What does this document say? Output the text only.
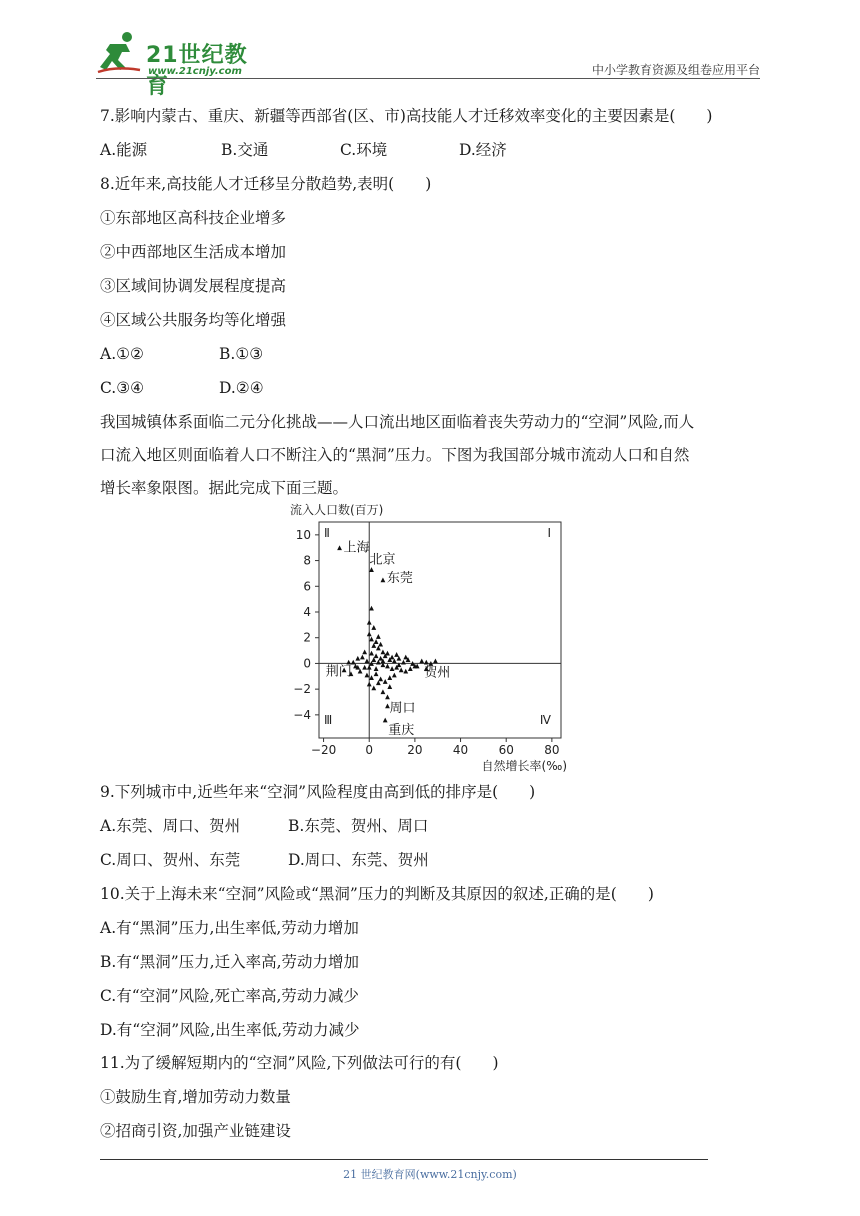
21世纪教育
www.21cnjy.com	中小学教育资源及组卷应用平台
7.影响内蒙古、重庆、新疆等西部省(区、市)高技能人才迁移效率变化的主要因素是(　　)
A.能源	B.交通	C.环境	D.经济
8.近年来,高技能人才迁移呈分散趋势,表明(　　)
①东部地区高科技企业增多
②中西部地区生活成本增加
③区域间协调发展程度提高
④区域公共服务均等化增强
A.①②	B.①③
C.③④	D.②④
我国城镇体系面临二元分化挑战——人口流出地区面临着丧失劳动力的“空洞”风险,而人
口流入地区则面临着人口不断注入的“黑洞”压力。下图为我国部分城市流动人口和自然
增长率象限图。据此完成下面三题。
−20 0	20	40	60	80
−4
−2
0
2
4
6
8
10
流入人口数(百万)
自然增长率(‰)
Ⅰ
Ⅱ
Ⅲ	Ⅳ
上海
北京
东莞
荆门	贺州
周口
重庆
9.下列城市中,近些年来“空洞”风险程度由高到低的排序是(　　)
A.东莞、周口、贺州	B.东莞、贺州、周口
C.周口、贺州、东莞	D.周口、东莞、贺州
10.关于上海未来“空洞”风险或“黑洞”压力的判断及其原因的叙述,正确的是(　　)
A.有“黑洞”压力,出生率低,劳动力增加
B.有“黑洞”压力,迁入率高,劳动力增加
C.有“空洞”风险,死亡率高,劳动力减少
D.有“空洞”风险,出生率低,劳动力减少
11.为了缓解短期内的“空洞”风险,下列做法可行的有(　　)
①鼓励生育,增加劳动力数量
②招商引资,加强产业链建设
21 世纪教育网(www.21cnjy.com)
